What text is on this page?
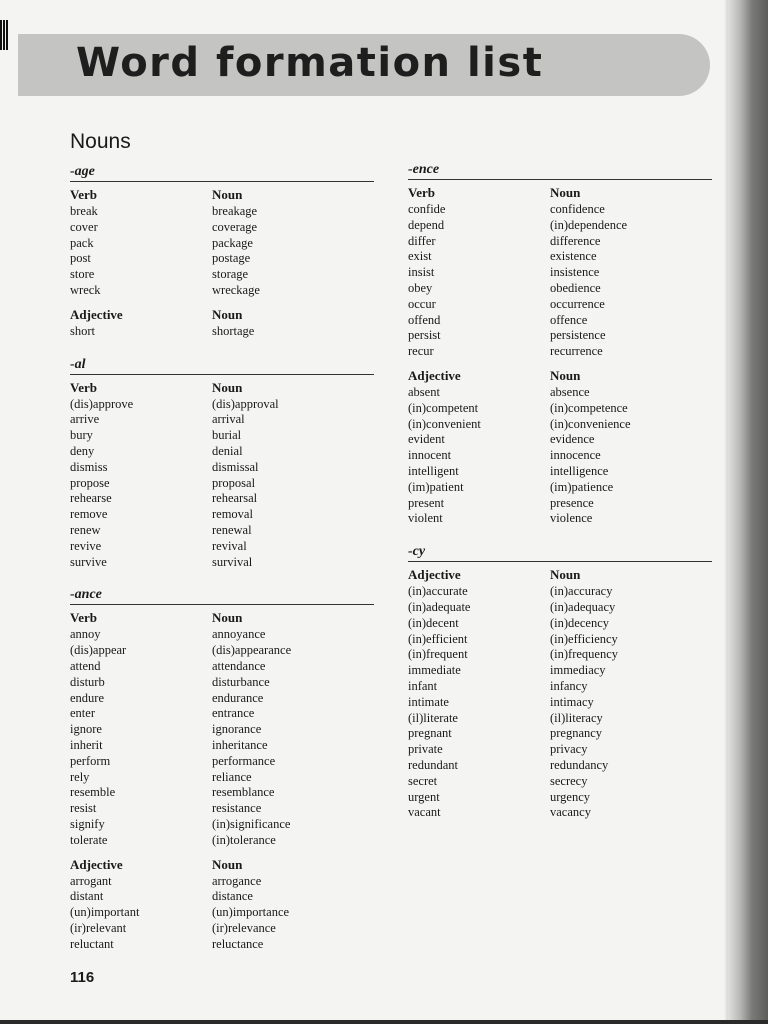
Word formation list
Nouns
-age
Verb	Noun
break	breakage
cover	coverage
pack	package
post	postage
store	storage
wreck	wreckage
Adjective	Noun
short	shortage
-al
Verb	Noun
(dis)approve	(dis)approval
arrive	arrival
bury	burial
deny	denial
dismiss	dismissal
propose	proposal
rehearse	rehearsal
remove	removal
renew	renewal
revive	revival
survive	survival
-ance
Verb	Noun
annoy	annoyance
(dis)appear	(dis)appearance
attend	attendance
disturb	disturbance
endure	endurance
enter	entrance
ignore	ignorance
inherit	inheritance
perform	performance
rely	reliance
resemble	resemblance
resist	resistance
signify	(in)significance
tolerate	(in)tolerance
Adjective	Noun
arrogant	arrogance
distant	distance
(un)important	(un)importance
(ir)relevant	(ir)relevance
reluctant	reluctance
-ence
Verb	Noun
confide	confidence
depend	(in)dependence
differ	difference
exist	existence
insist	insistence
obey	obedience
occur	occurrence
offend	offence
persist	persistence
recur	recurrence
Adjective	Noun
absent	absence
(in)competent	(in)competence
(in)convenient	(in)convenience
evident	evidence
innocent	innocence
intelligent	intelligence
(im)patient	(im)patience
present	presence
violent	violence
-cy
Adjective	Noun
(in)accurate	(in)accuracy
(in)adequate	(in)adequacy
(in)decent	(in)decency
(in)efficient	(in)efficiency
(in)frequent	(in)frequency
immediate	immediacy
infant	infancy
intimate	intimacy
(il)literate	(il)literacy
pregnant	pregnancy
private	privacy
redundant	redundancy
secret	secrecy
urgent	urgency
vacant	vacancy
116
